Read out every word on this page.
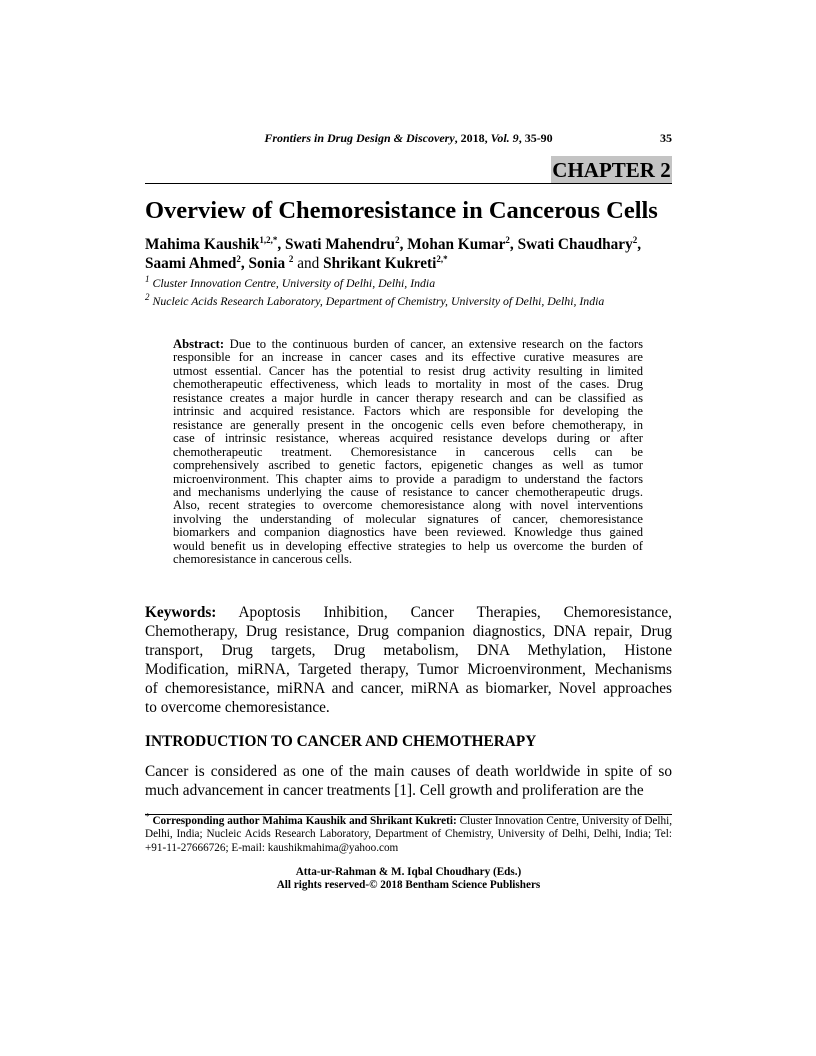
Frontiers in Drug Design & Discovery, 2018, Vol. 9, 35-90	35
CHAPTER 2
Overview of Chemoresistance in Cancerous Cells
Mahima Kaushik$^{1,2,*}$, Swati Mahendru$^2$, Mohan Kumar$^2$, Swati Chaudhary$^2$,
Saami Ahmed$^2$, Sonia $^2$ and Shrikant Kukreti$^{2,*}$
$^1$ Cluster Innovation Centre, University of Delhi, Delhi, India
$^2$ Nucleic Acids Research Laboratory, Department of Chemistry, University of Delhi, Delhi, India
Abstract: Due to the continuous burden of cancer, an extensive research on the factors
responsible for an increase in cancer cases and its effective curative measures are
utmost essential. Cancer has the potential to resist drug activity resulting in limited
chemotherapeutic effectiveness, which leads to mortality in most of the cases. Drug
resistance creates a major hurdle in cancer therapy research and can be classified as
intrinsic and acquired resistance. Factors which are responsible for developing the
resistance are generally present in the oncogenic cells even before chemotherapy, in
case of intrinsic resistance, whereas acquired resistance develops during or after
chemotherapeutic treatment. Chemoresistance in cancerous cells can be
comprehensively ascribed to genetic factors, epigenetic changes as well as tumor
microenvironment. This chapter aims to provide a paradigm to understand the factors
and mechanisms underlying the cause of resistance to cancer chemotherapeutic drugs.
Also, recent strategies to overcome chemoresistance along with novel interventions
involving the understanding of molecular signatures of cancer, chemoresistance
biomarkers and companion diagnostics have been reviewed. Knowledge thus gained
would benefit us in developing effective strategies to help us overcome the burden of
chemoresistance in cancerous cells.
Keywords: Apoptosis Inhibition, Cancer Therapies, Chemoresistance,
Chemotherapy, Drug resistance, Drug companion diagnostics, DNA repair, Drug
transport, Drug targets, Drug metabolism, DNA Methylation, Histone
Modification, miRNA, Targeted therapy, Tumor Microenvironment, Mechanisms
of chemoresistance, miRNA and cancer, miRNA as biomarker, Novel approaches
to overcome chemoresistance.
INTRODUCTION TO CANCER AND CHEMOTHERAPY
Cancer is considered as one of the main causes of death worldwide in spite of so
much advancement in cancer treatments [1]. Cell growth and proliferation are the
* Corresponding author Mahima Kaushik and Shrikant Kukreti: Cluster Innovation Centre, University of Delhi,
Delhi, India; Nucleic Acids Research Laboratory, Department of Chemistry, University of Delhi, Delhi, India; Tel:
+91-11-27666726; E-mail: kaushikmahima@yahoo.com
Atta-ur-Rahman & M. Iqbal Choudhary (Eds.)
All rights reserved-© 2018 Bentham Science Publishers
